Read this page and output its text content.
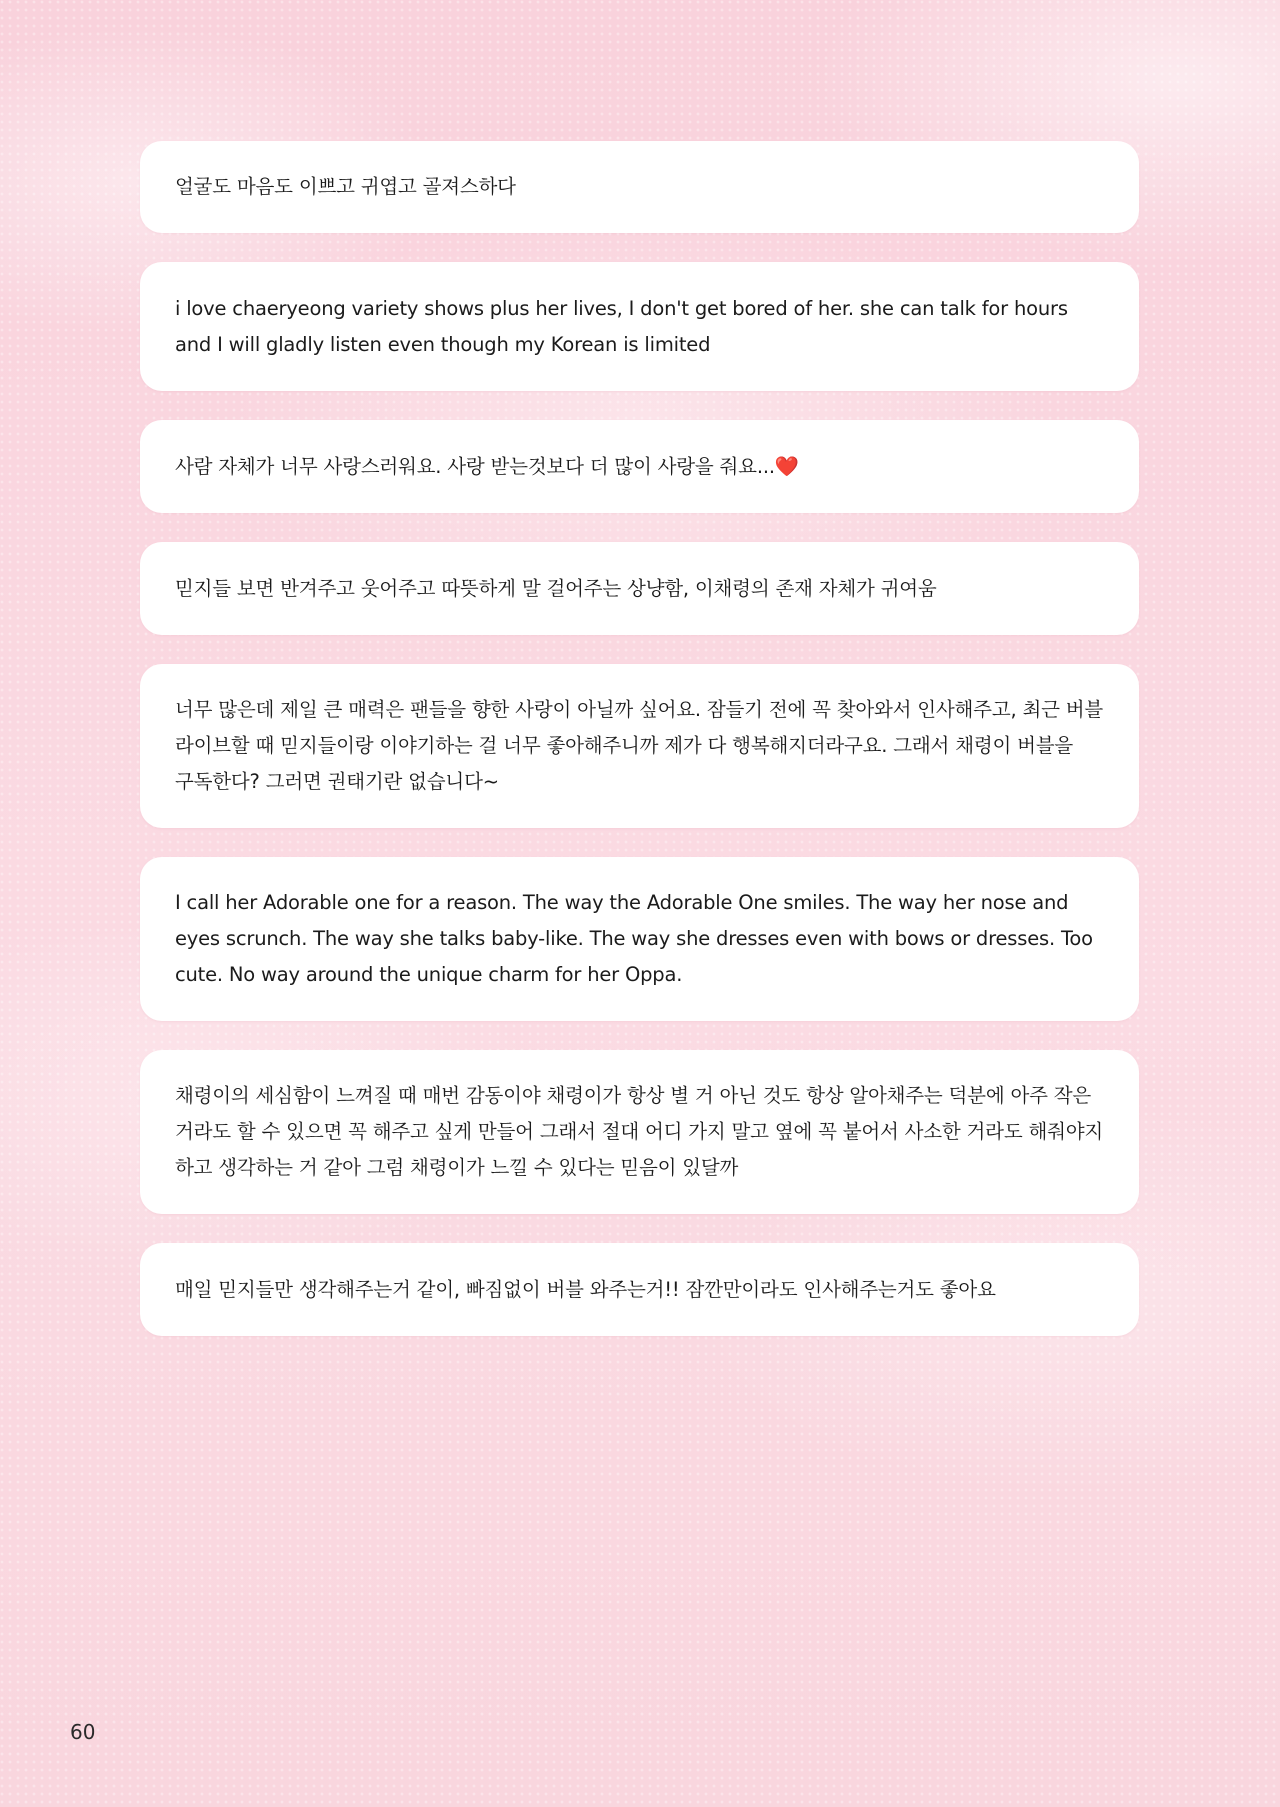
얼굴도 마음도 이쁘고 귀엽고 골져스하다

i love chaeryeong variety shows plus her lives, I don't get bored of her. she can talk for hours and I will gladly listen even though my Korean is limited

사람 자체가 너무 사랑스러워요. 사랑 받는것보다 더 많이 사랑을 줘요...❤️

믿지들 보면 반겨주고 웃어주고 따뜻하게 말 걸어주는 상냥함, 이채령의 존재 자체가 귀여움

너무 많은데 제일 큰 매력은 팬들을 향한 사랑이 아닐까 싶어요. 잠들기 전에 꼭 찾아와서 인사해주고, 최근 버블 라이브할 때 믿지들이랑 이야기하는 걸 너무 좋아해주니까 제가 다 행복해지더라구요. 그래서 채령이 버블을 구독한다? 그러면 권태기란 없습니다~

I call her Adorable one for a reason. The way the Adorable One smiles. The way her nose and eyes scrunch. The way she talks baby-like. The way she dresses even with bows or dresses. Too cute. No way around the unique charm for her Oppa.

채령이의 세심함이 느껴질 때 매번 감동이야 채령이가 항상 별 거 아닌 것도 항상 알아채주는 덕분에 아주 작은 거라도 할 수 있으면 꼭 해주고 싶게 만들어 그래서 절대 어디 가지 말고 옆에 꼭 붙어서 사소한 거라도 해줘야지 하고 생각하는 거 같아 그럼 채령이가 느낄 수 있다는 믿음이 있달까

매일 믿지들만 생각해주는거 같이, 빠짐없이 버블 와주는거!! 잠깐만이라도 인사해주는거도 좋아요

60
